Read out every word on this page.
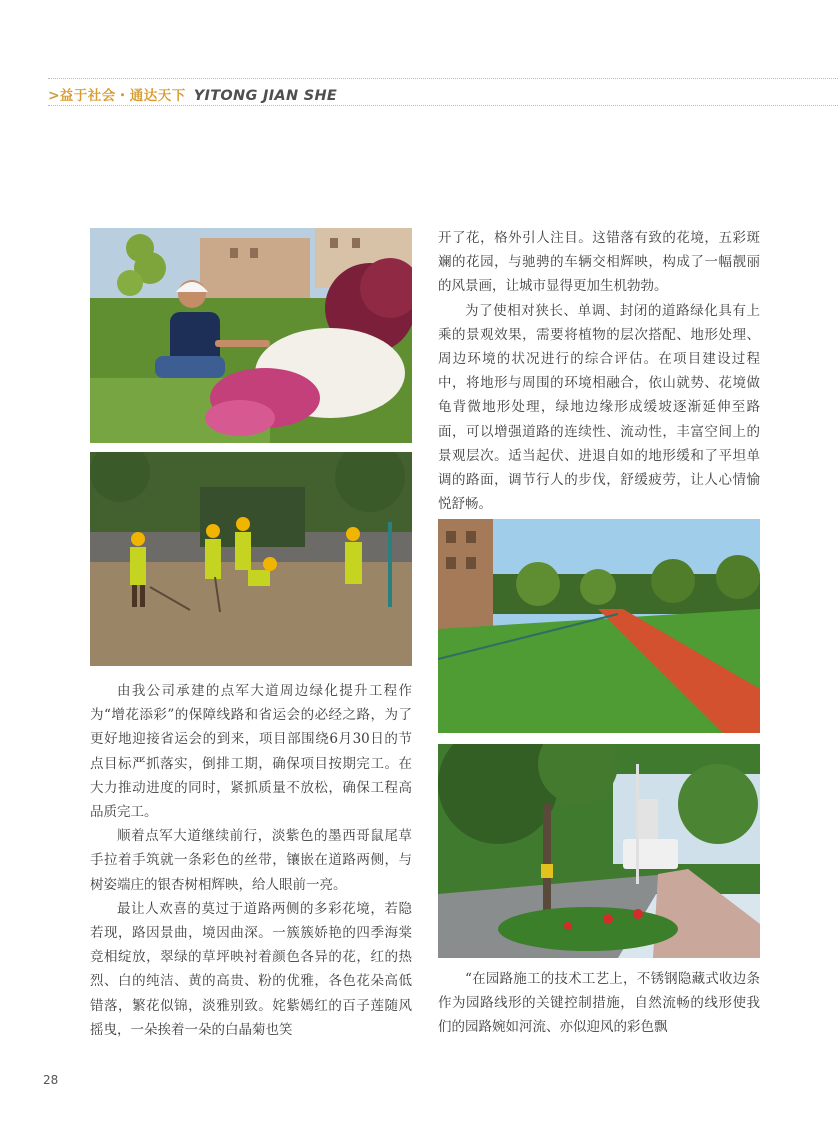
>益于社会・通达天下 YITONG JIAN SHE

由我公司承建的点军大道周边绿化提升工程作为“增花添彩”的保障线路和省运会的必经之路，为了更好地迎接省运会的到来，项目部围绕6月30日的节点目标严抓落实，倒排工期，确保项目按期完工。在大力推动进度的同时，紧抓质量不放松，确保工程高品质完工。

顺着点军大道继续前行，淡紫色的墨西哥鼠尾草手拉着手筑就一条彩色的丝带，镶嵌在道路两侧，与树姿端庄的银杏树相辉映，给人眼前一亮。

最让人欢喜的莫过于道路两侧的多彩花境，若隐若现，路因景曲，境因曲深。一簇簇娇艳的四季海棠竞相绽放，翠绿的草坪映衬着颜色各异的花，红的热烈、白的纯洁、黄的高贵、粉的优雅，各色花朵高低错落，繁花似锦，淡雅别致。姹紫嫣红的百子莲随风摇曳，一朵挨着一朵的白晶菊也笑

开了花，格外引人注目。这错落有致的花境，五彩斑斓的花园，与驰骋的车辆交相辉映，构成了一幅靓丽的风景画，让城市显得更加生机勃勃。

为了使相对狭长、单调、封闭的道路绿化具有上乘的景观效果，需要将植物的层次搭配、地形处理、周边环境的状况进行的综合评估。在项目建设过程中，将地形与周围的环境相融合，依山就势、花境做龟背微地形处理，绿地边缘形成缓坡逐渐延伸至路面，可以增强道路的连续性、流动性，丰富空间上的景观层次。适当起伏、进退自如的地形缓和了平坦单调的路面，调节行人的步伐，舒缓疲劳，让人心情愉悦舒畅。

“在园路施工的技术工艺上，不锈钢隐藏式收边条作为园路线形的关键控制措施，自然流畅的线形使我们的园路婉如河流、亦似迎风的彩色飘

28
